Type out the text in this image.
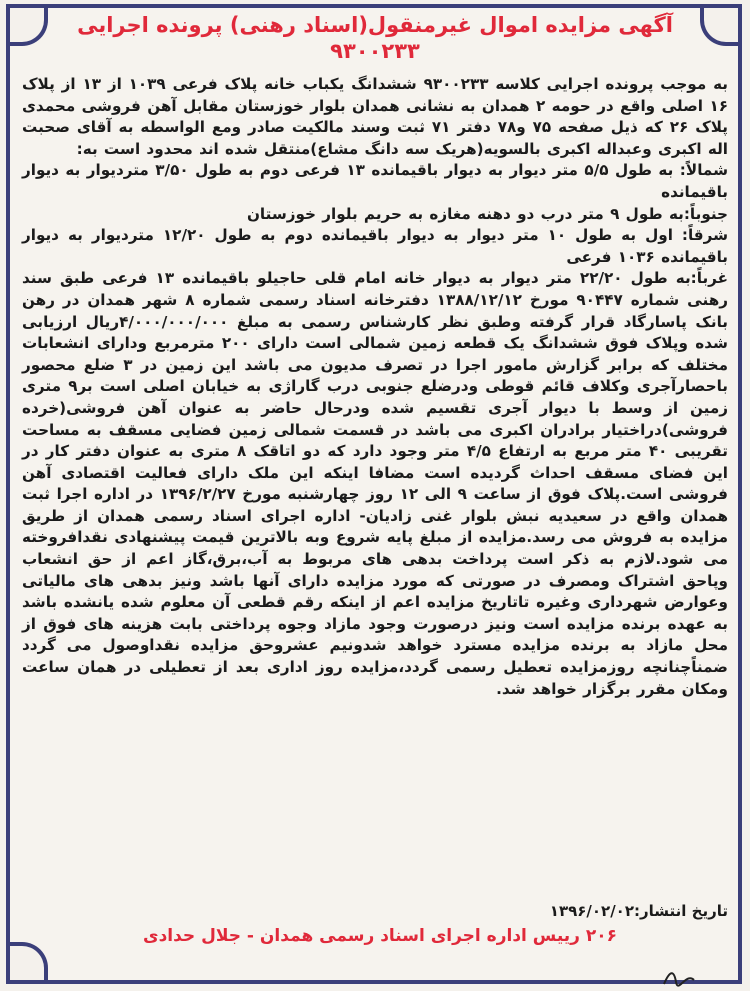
آگهی مزایده اموال غیرمنقول(اسناد رهنی) پرونده اجرایی
۹۳۰۰۲۳۳

به موجب پرونده اجرایی کلاسه ۹۳۰۰۲۳۳ ششدانگ یکباب خانه پلاک فرعی ۱۰۳۹ از ۱۳ از پلاک ۱۶ اصلی واقع در حومه ۲ همدان به نشانی همدان بلوار خوزستان مقابل آهن فروشی محمدی پلاک ۲۶ که ذیل صفحه ۷۵ و۷۸ دفتر ۷۱ ثبت وسند مالکیت صادر ومع الواسطه به آقای صحبت اله اکبری وعبداله اکبری بالسویه(هریک سه دانگ مشاع)منتقل شده اند محدود است به:

شمالاً: به طول ۵/۵ متر دیوار به دیوار باقیمانده ۱۳ فرعی دوم به طول ۳/۵۰ متردیوار به دیوار باقیمانده

جنوباً:به طول ۹ متر درب دو دهنه مغازه به حریم بلوار خوزستان

شرقاً: اول به طول ۱۰ متر دیوار به دیوار باقیمانده دوم به طول ۱۲/۲۰ متردیوار به دیوار باقیمانده ۱۰۳۶ فرعی

غرباً:به طول ۲۲/۲۰ متر دیوار به دیوار خانه امام قلی حاجیلو باقیمانده ۱۳ فرعی طبق سند رهنی شماره ۹۰۴۴۷ مورخ ۱۳۸۸/۱۲/۱۲ دفترخانه اسناد رسمی شماره ۸ شهر همدان در رهن بانک پاسارگاد قرار گرفته وطبق نظر کارشناس رسمی به مبلغ ۴/۰۰۰/۰۰۰/۰۰۰ریال ارزیابی شده وپلاک فوق ششدانگ یک قطعه زمین شمالی است دارای ۲۰۰ مترمربع ودارای انشعابات مختلف که برابر گزارش مامور اجرا در تصرف مدیون می باشد این زمین در ۳ ضلع محصور باحصارآجری وکلاف قائم قوطی ودرضلع جنوبی درب گاراژی به خیابان اصلی است بر۹ متری زمین از وسط با دیوار آجری تقسیم شده ودرحال حاضر به عنوان آهن فروشی(خرده فروشی)دراختیار برادران اکبری می باشد در قسمت شمالی زمین فضایی مسقف به مساحت تقریبی ۴۰ متر مربع به ارتفاع ۴/۵ متر وجود دارد که دو اتاقک ۸ متری به عنوان دفتر کار در این فضای مسقف احداث گردیده است مضافا اینکه این ملک دارای فعالیت اقتصادی آهن فروشی است.پلاک فوق از ساعت ۹ الی ۱۲ روز چهارشنبه مورخ ۱۳۹۶/۲/۲۷ در اداره اجرا ثبت همدان واقع در سعیدیه نبش بلوار غنی زادیان- اداره اجرای اسناد رسمی همدان از طریق مزایده به فروش می رسد.مزایده از مبلغ پایه شروع وبه بالاترین قیمت پیشنهادی نقدافروخته می شود.لازم به ذکر است پرداخت بدهی های مربوط به آب،برق،گاز اعم از حق انشعاب وپاحق اشتراک ومصرف در صورتی که مورد مزایده دارای آنها باشد ونیز بدهی های مالیاتی وعوارض شهرداری وغیره تاتاریخ مزایده اعم از اینکه رقم قطعی آن معلوم شده یانشده باشد به عهده برنده مزایده است ونیز درصورت وجود مازاد وجوه پرداختی بابت هزینه های فوق از محل مازاد به برنده مزایده مسترد خواهد شدونیم عشروحق مزایده نقداوصول می گردد ضمناًچنانچه روزمزایده تعطیل رسمی گردد،مزایده روز اداری بعد از تعطیلی در همان ساعت ومکان مقرر برگزار خواهد شد.

تاریخ انتشار:۱۳۹۶/۰۲/۰۲
۲۰۶ رییس اداره اجرای اسناد رسمی همدان - جلال حدادی
